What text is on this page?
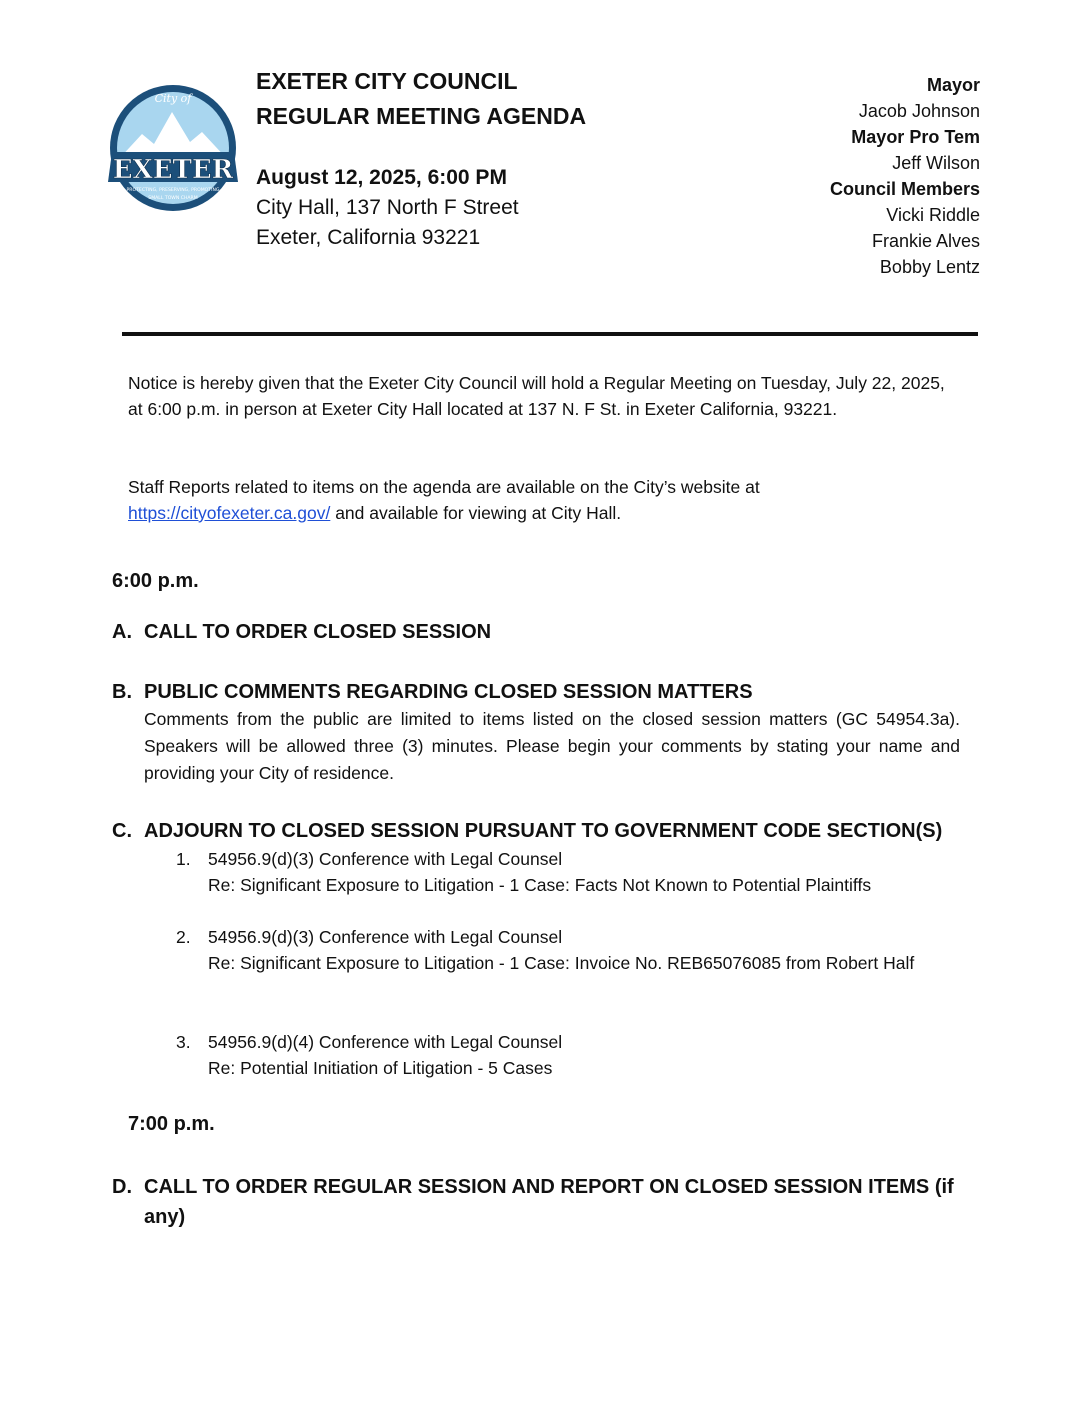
City of
EXETER
PROTECTING, PRESERVING, PROMOTING
SMALL TOWN CHARM
EXETER CITY COUNCIL
REGULAR MEETING AGENDA
August 12, 2025, 6:00 PM
City Hall, 137 North F Street
Exeter, California 93221
Mayor
Jacob Johnson
Mayor Pro Tem
Jeff Wilson
Council Members
Vicki Riddle
Frankie Alves
Bobby Lentz
Notice is hereby given that the Exeter City Council will hold a Regular Meeting on Tuesday, July 22, 2025, at 6:00 p.m. in person at Exeter City Hall located at 137 N. F St. in Exeter California, 93221.
Staff Reports related to items on the agenda are available on the City’s website at
https://cityofexeter.ca.gov/ and available for viewing at City Hall.
6:00 p.m.
A. CALL TO ORDER CLOSED SESSION
B. PUBLIC COMMENTS REGARDING CLOSED SESSION MATTERS
Comments from the public are limited to items listed on the closed session matters (GC 54954.3a). Speakers will be allowed three (3) minutes. Please begin your comments by stating your name and providing your City of residence.
C. ADJOURN TO CLOSED SESSION PURSUANT TO GOVERNMENT CODE SECTION(S)
1. 54956.9(d)(3) Conference with Legal Counsel
Re: Significant Exposure to Litigation - 1 Case: Facts Not Known to Potential Plaintiffs
2. 54956.9(d)(3) Conference with Legal Counsel
Re: Significant Exposure to Litigation - 1 Case: Invoice No. REB65076085 from Robert Half
3. 54956.9(d)(4) Conference with Legal Counsel
Re: Potential Initiation of Litigation - 5 Cases
7:00 p.m.
D. CALL TO ORDER REGULAR SESSION AND REPORT ON CLOSED SESSION ITEMS (if any)
